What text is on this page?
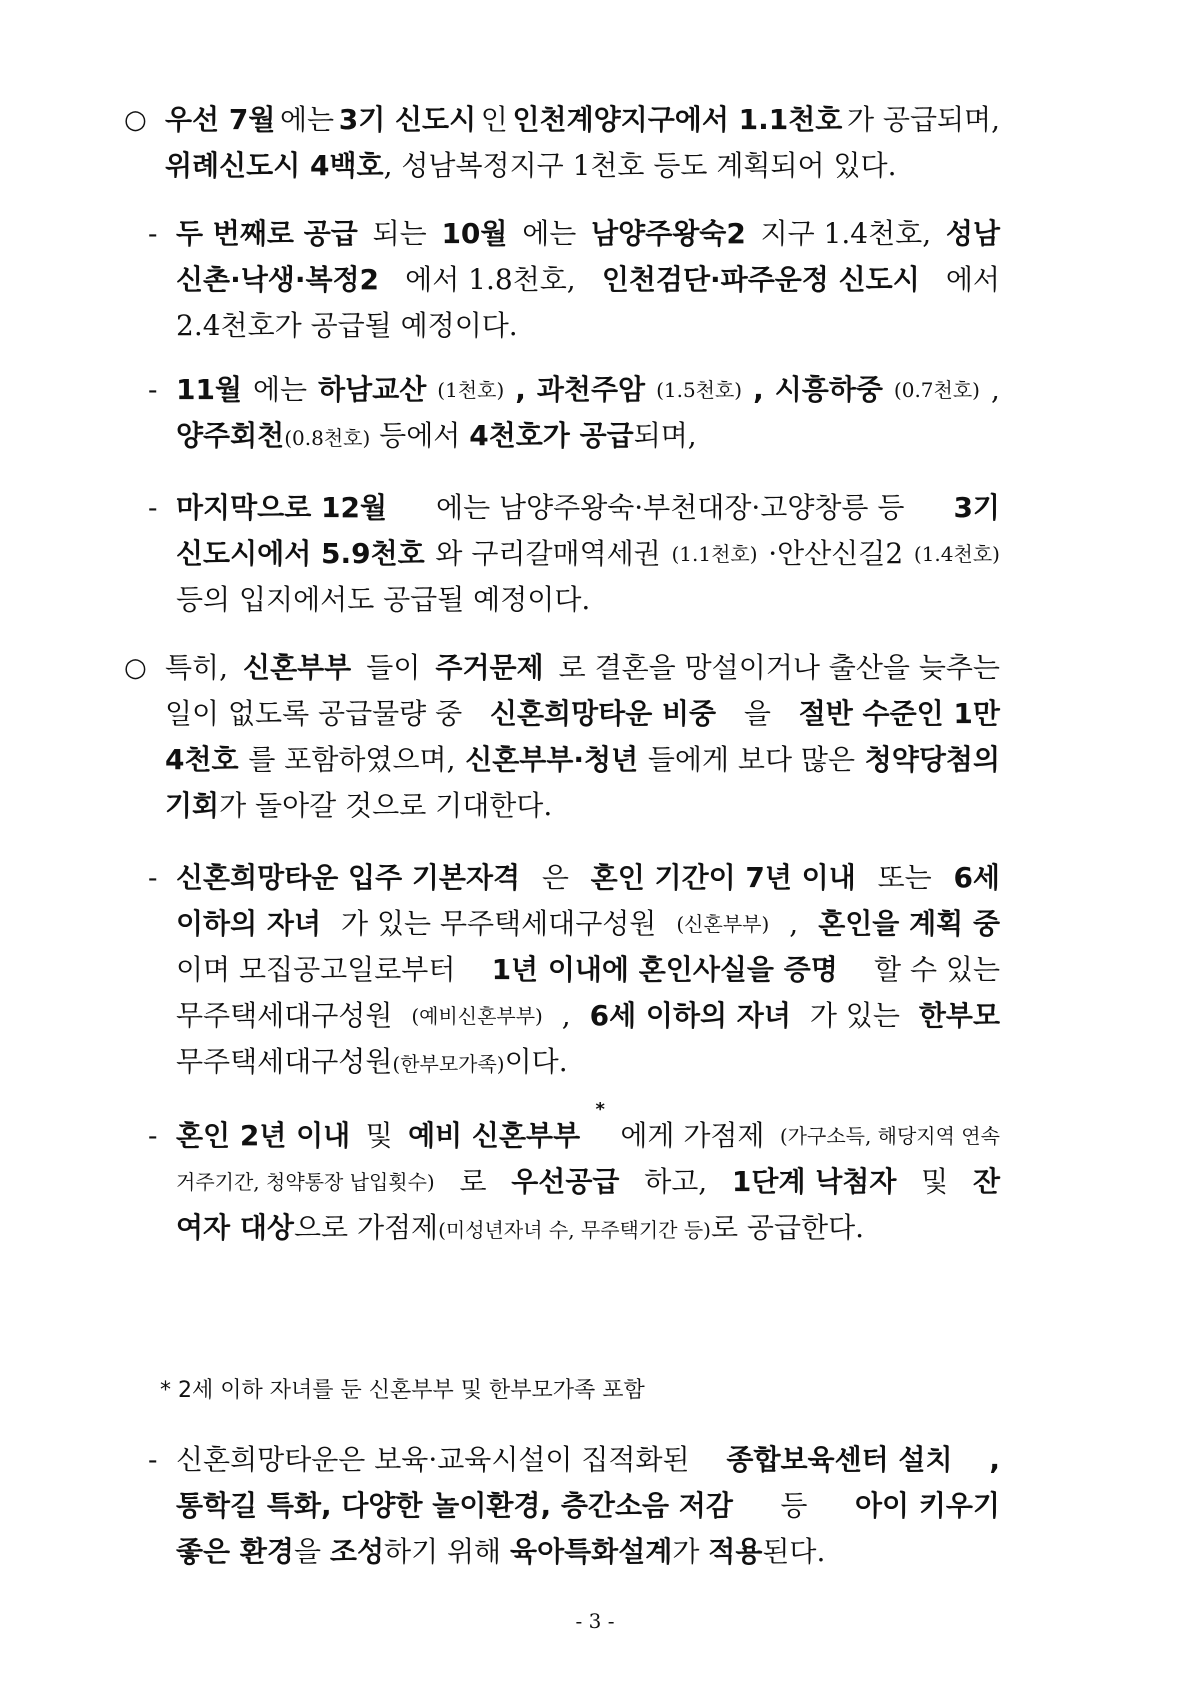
○ 우선 7월 에는 3기 신도시 인 인천계양지구에서 1.1천호 가 공급되며,
위례신도시 4백호, 성남복정지구 1천호 등도 계획되어 있다.
- 두 번째로 공급 되는 10월 에는 남양주왕숙2 지구 1.4천호, 성남
신촌·낙생·복정2 에서 1.8천호, 인천검단·파주운정 신도시 에서
2.4천호가 공급될 예정이다.
- 11월 에는 하남교산 (1천호) , 과천주암 (1.5천호) , 시흥하중 (0.7천호) ,
양주회천(0.8천호) 등에서 4천호가 공급되며,
- 마지막으로 12월 에는 남양주왕숙·부천대장·고양창릉 등 3기
신도시에서 5.9천호 와 구리갈매역세권 (1.1천호) ·안산신길2 (1.4천호)
등의 입지에서도 공급될 예정이다.
○ 특히, 신혼부부 들이 주거문제 로 결혼을 망설이거나 출산을 늦추는
일이 없도록 공급물량 중 신혼희망타운 비중 을 절반 수준인 1만
4천호 를 포함하였으며, 신혼부부·청년 들에게 보다 많은 청약당첨의
기회가 돌아갈 것으로 기대한다.
- 신혼희망타운 입주 기본자격 은 혼인 기간이 7년 이내 또는 6세
이하의 자녀 가 있는 무주택세대구성원 (신혼부부) , 혼인을 계획 중
이며 모집공고일로부터 1년 이내에 혼인사실을 증명 할 수 있는
무주택세대구성원 (예비신혼부부) , 6세 이하의 자녀 가 있는 한부모
무주택세대구성원(한부모가족)이다.
- 혼인 2년 이내 및 예비 신혼부부
*
에게 가점제 (가구소득, 해당지역 연속
거주기간, 청약통장 납입횟수) 로 우선공급 하고, 1단계 낙첨자 및 잔
여자 대상으로 가점제(미성년자녀 수, 무주택기간 등)로 공급한다.
* 2세 이하 자녀를 둔 신혼부부 및 한부모가족 포함
- 신혼희망타운은 보육·교육시설이 집적화된 종합보육센터 설치 ,
통학길 특화, 다양한 놀이환경, 층간소음 저감 등 아이 키우기
좋은 환경을 조성하기 위해 육아특화설계가 적용된다.
- 3 -
